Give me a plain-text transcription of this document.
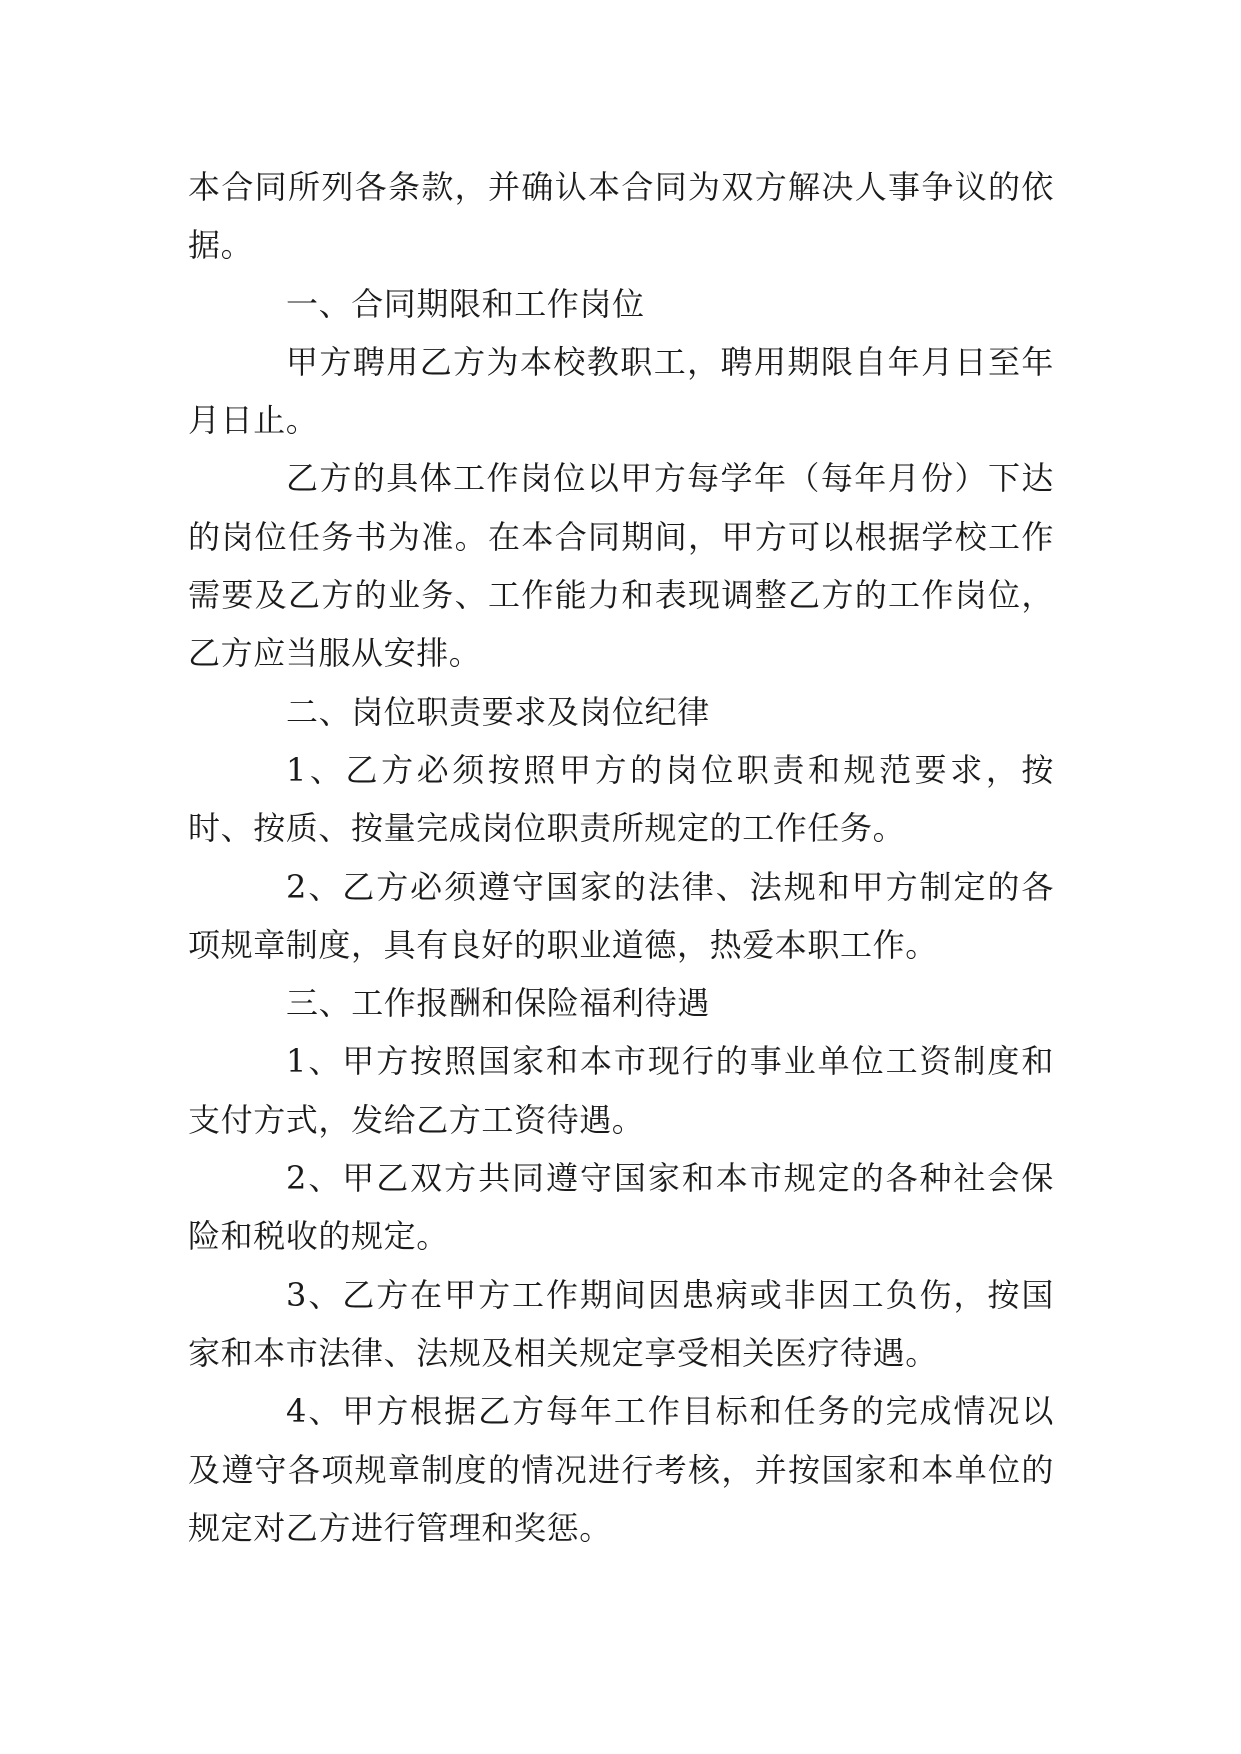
本合同所列各条款，并确认本合同为双方解决人事争议的依据。

一、合同期限和工作岗位

甲方聘用乙方为本校教职工，聘用期限自年月日至年月日止。

乙方的具体工作岗位以甲方每学年（每年月份）下达的岗位任务书为准。在本合同期间，甲方可以根据学校工作需要及乙方的业务、工作能力和表现调整乙方的工作岗位，乙方应当服从安排。

二、岗位职责要求及岗位纪律

1、乙方必须按照甲方的岗位职责和规范要求，按时、按质、按量完成岗位职责所规定的工作任务。

2、乙方必须遵守国家的法律、法规和甲方制定的各项规章制度，具有良好的职业道德，热爱本职工作。

三、工作报酬和保险福利待遇

1、甲方按照国家和本市现行的事业单位工资制度和支付方式，发给乙方工资待遇。

2、甲乙双方共同遵守国家和本市规定的各种社会保险和税收的规定。

3、乙方在甲方工作期间因患病或非因工负伤，按国家和本市法律、法规及相关规定享受相关医疗待遇。

4、甲方根据乙方每年工作目标和任务的完成情况以及遵守各项规章制度的情况进行考核，并按国家和本单位的规定对乙方进行管理和奖惩。
